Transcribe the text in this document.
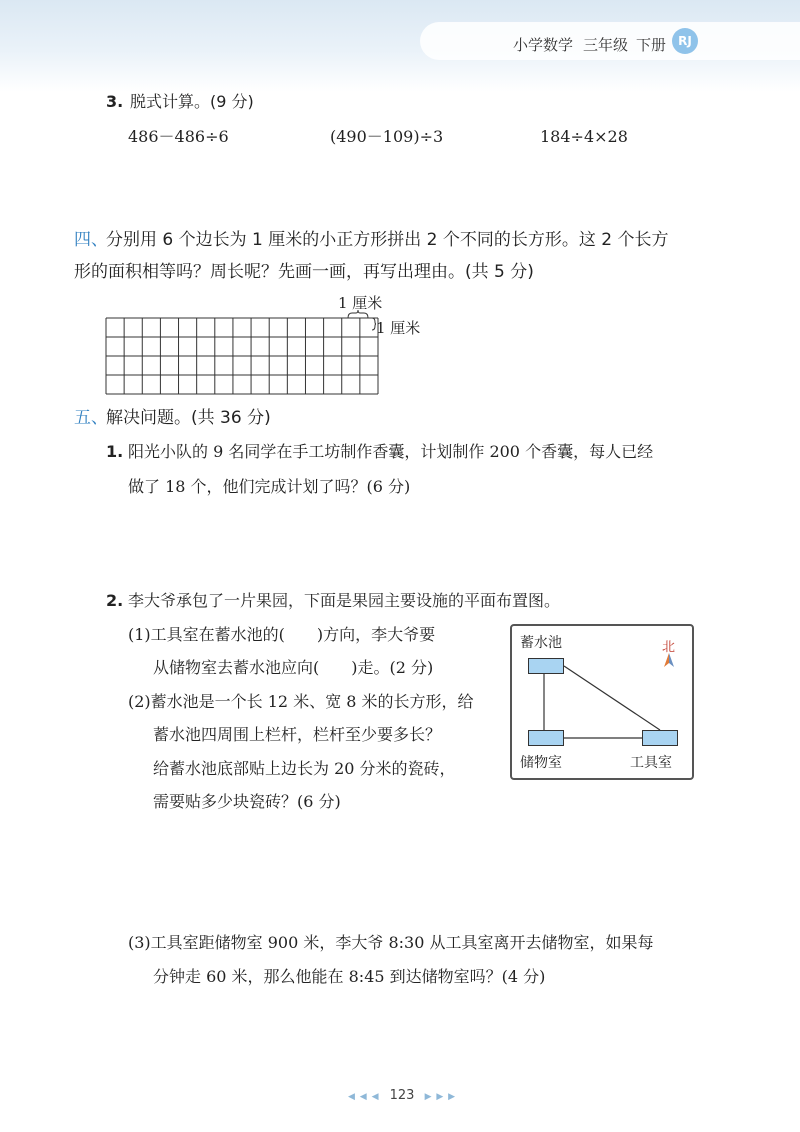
小学数学 三年级 下册	RJ
3. 脱式计算。(9 分)
486－486÷6	(490－109)÷3	184÷4×28
四、
分别用 6 个边长为 1 厘米的小正方形拼出 2 个不同的长方形。这 2 个长方
形的面积相等吗？周长呢？先画一画，再写出理由。(共 5 分)
1 厘米
1 厘米
五、
解决问题。(共 36 分)
1. 阳光小队的 9 名同学在手工坊制作香囊，计划制作 200 个香囊，每人已经
做了 18 个，他们完成计划了吗？(6 分)
2. 李大爷承包了一片果园，下面是果园主要设施的平面布置图。
(1)工具室在蓄水池的(　　)方向，李大爷要
从储物室去蓄水池应向(　　)走。(2 分)
(2)蓄水池是一个长 12 米、宽 8 米的长方形，给
蓄水池四周围上栏杆，栏杆至少要多长？
给蓄水池底部贴上边长为 20 分米的瓷砖，
需要贴多少块瓷砖？(6 分)
蓄水池
储物室	工具室
北
(3)工具室距储物室 900 米，李大爷 8:30 从工具室离开去储物室，如果每
分钟走 60 米，那么他能在 8:45 到达储物室吗？(4 分)
◀ ◀ ◀ 123 ▶ ▶ ▶
